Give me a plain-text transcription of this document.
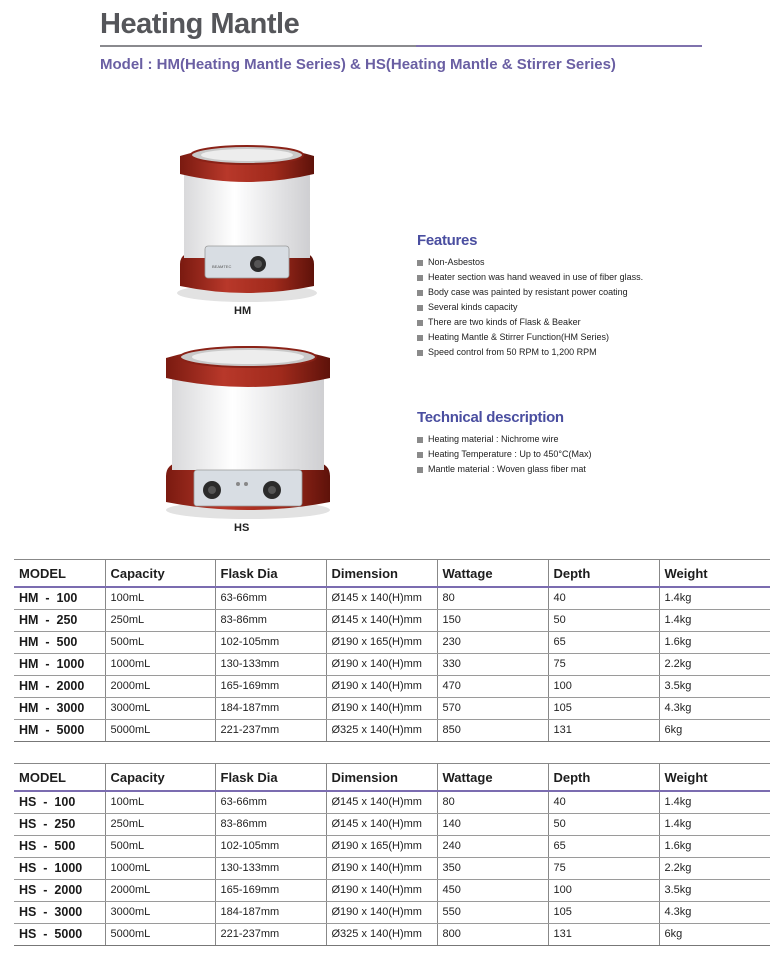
Heating Mantle
Model : HM(Heating Mantle Series) & HS(Heating Mantle & Stirrer Series)
BEAMTEC
HM
HS
Features
Non-Asbestos
Heater section was hand weaved in use of fiber glass.
Body case was painted by resistant power coating
Several kinds capacity
There are two kinds of Flask & Beaker
Heating Mantle & Stirrer Function(HM Series)
Speed control from 50 RPM to 1,200 RPM
Technical description
Heating material : Nichrome wire
Heating Temperature : Up to 450°C(Max)
Mantle material : Woven glass fiber mat
MODEL	Capacity	Flask Dia	Dimension	Wattage	Depth	Weight
HM  -  100	100mL	63-66mm	Ø145 x 140(H)mm	80	40	1.4kg
HM  -  250	250mL	83-86mm	Ø145 x 140(H)mm	150	50	1.4kg
HM  -  500	500mL	102-105mm	Ø190 x 165(H)mm	230	65	1.6kg
HM  -  1000	1000mL	130-133mm	Ø190 x 140(H)mm	330	75	2.2kg
HM  -  2000	2000mL	165-169mm	Ø190 x 140(H)mm	470	100	3.5kg
HM  -  3000	3000mL	184-187mm	Ø190 x 140(H)mm	570	105	4.3kg
HM  -  5000	5000mL	221-237mm	Ø325 x 140(H)mm	850	131	6kg
MODEL	Capacity	Flask Dia	Dimension	Wattage	Depth	Weight
HS  -  100	100mL	63-66mm	Ø145 x 140(H)mm	80	40	1.4kg
HS  -  250	250mL	83-86mm	Ø145 x 140(H)mm	140	50	1.4kg
HS  -  500	500mL	102-105mm	Ø190 x 165(H)mm	240	65	1.6kg
HS  -  1000	1000mL	130-133mm	Ø190 x 140(H)mm	350	75	2.2kg
HS  -  2000	2000mL	165-169mm	Ø190 x 140(H)mm	450	100	3.5kg
HS  -  3000	3000mL	184-187mm	Ø190 x 140(H)mm	550	105	4.3kg
HS  -  5000	5000mL	221-237mm	Ø325 x 140(H)mm	800	131	6kg
